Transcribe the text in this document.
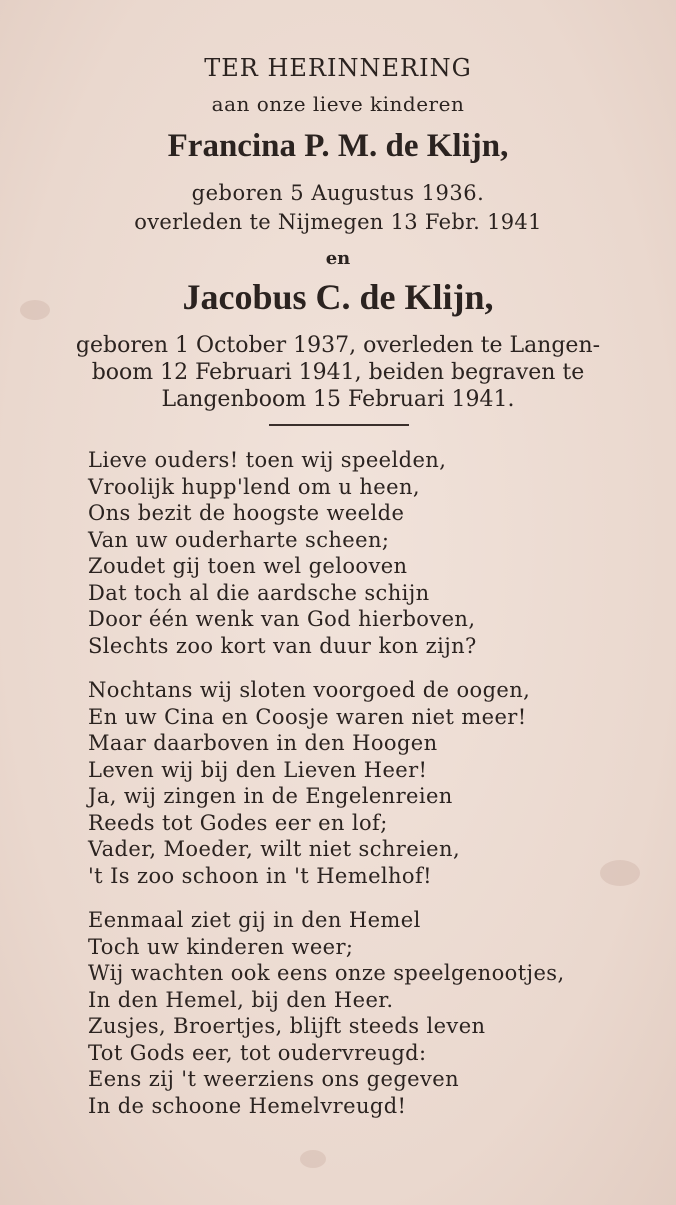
TER HERINNERING
aan onze lieve kinderen
Francina P. M. de Klijn,
geboren 5 Augustus 1936.
overleden te Nijmegen 13 Febr. 1941
en
Jacobus C. de Klijn,
geboren 1 October 1937, overleden te Langen-
boom 12 Februari 1941, beiden begraven te
Langenboom 15 Februari 1941.
Lieve ouders! toen wij speelden,
Vroolijk hupp'lend om u heen,
Ons bezit de hoogste weelde
Van uw ouderharte scheen;
Zoudet gij toen wel gelooven
Dat toch al die aardsche schijn
Door één wenk van God hierboven,
Slechts zoo kort van duur kon zijn?
Nochtans wij sloten voorgoed de oogen,
En uw Cina en Coosje waren niet meer!
Maar daarboven in den Hoogen
Leven wij bij den Lieven Heer!
Ja, wij zingen in de Engelenreien
Reeds tot Godes eer en lof;
Vader, Moeder, wilt niet schreien,
't Is zoo schoon in 't Hemelhof!
Eenmaal ziet gij in den Hemel
Toch uw kinderen weer;
Wij wachten ook eens onze speelgenootjes,
In den Hemel, bij den Heer.
Zusjes, Broertjes, blijft steeds leven
Tot Gods eer, tot oudervreugd:
Eens zij 't weerziens ons gegeven
In de schoone Hemelvreugd!
